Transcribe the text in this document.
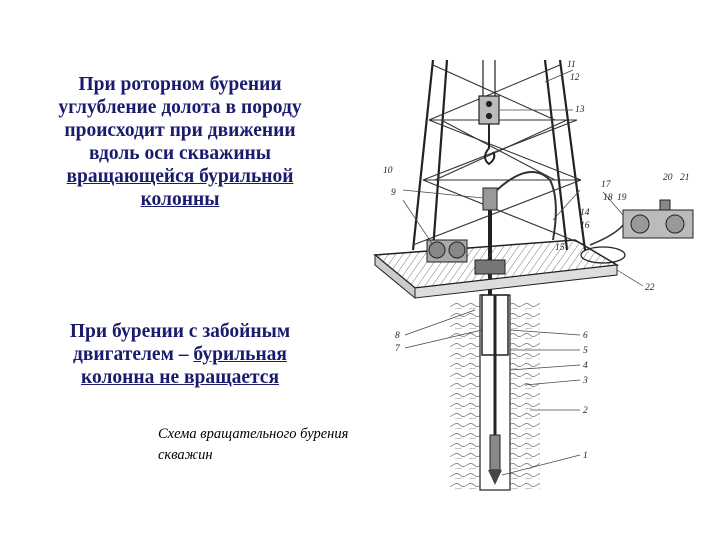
При роторном бурении
углубление долота в породу
происходит при движении
вдоль оси скважины
вращающейся бурильной
колонны
При бурении с забойным
двигателем – бурильная
колонна не вращается
Схема вращательного бурения
скважин
11
12
13
10
9
17
18 19
20 21
22
14
15
16
8
7
6
5
4
3
2
1
